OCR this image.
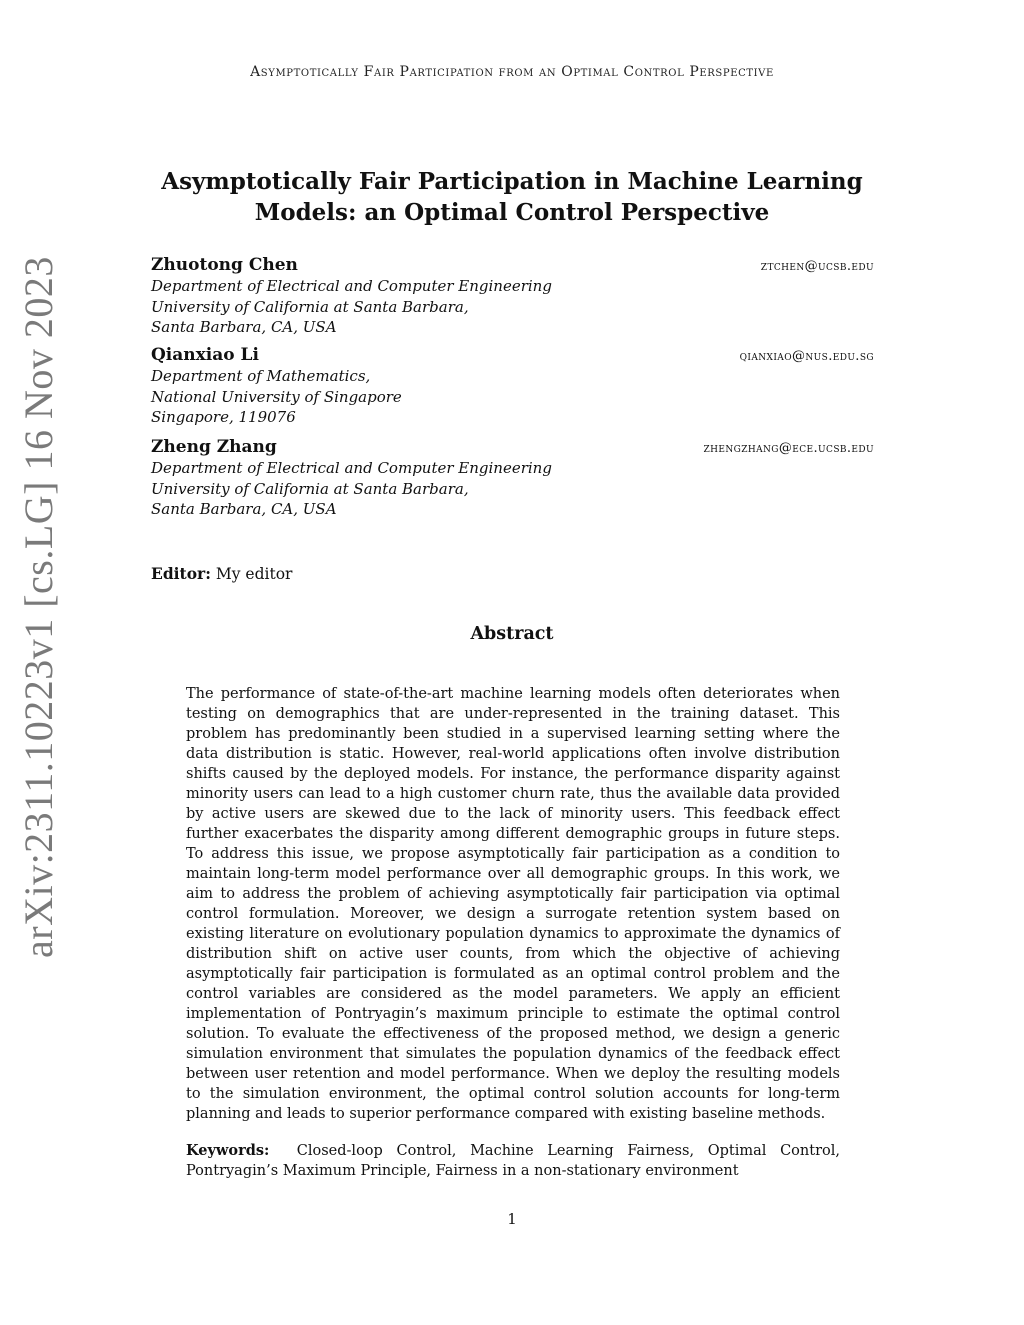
Asymptotically Fair Participation from an Optimal Control Perspective
arXiv:2311.10223v1 [cs.LG] 16 Nov 2023
Asymptotically Fair Participation in Machine Learning
Models: an Optimal Control Perspective
Zhuotong Chen	ztchen@ucsb.edu
Department of Electrical and Computer Engineering
University of California at Santa Barbara,
Santa Barbara, CA, USA
Qianxiao Li	qianxiao@nus.edu.sg
Department of Mathematics,
National University of Singapore
Singapore, 119076
Zheng Zhang	zhengzhang@ece.ucsb.edu
Department of Electrical and Computer Engineering
University of California at Santa Barbara,
Santa Barbara, CA, USA
Editor: My editor
Abstract

The performance of state-of-the-art machine learning models often deteriorates when testing on demographics that are under-represented in the training dataset. This problem has predominantly been studied in a supervised learning setting where the data distribution is static. However, real-world applications often involve distribution shifts caused by the deployed models. For instance, the performance disparity against minority users can lead to a high customer churn rate, thus the available data provided by active users are skewed due to the lack of minority users. This feedback effect further exacerbates the disparity among different demographic groups in future steps. To address this issue, we propose asymptotically fair participation as a condition to maintain long-term model performance over all demographic groups. In this work, we aim to address the problem of achieving asymptotically fair participation via optimal control formulation. Moreover, we design a surrogate retention system based on existing literature on evolutionary population dynamics to approximate the dynamics of distribution shift on active user counts, from which the objective of achieving asymptotically fair participation is formulated as an optimal control problem and the control variables are considered as the model parameters. We apply an efficient implementation of Pontryagin’s maximum principle to estimate the optimal control solution. To evaluate the effectiveness of the proposed method, we design a generic simulation environment that simulates the population dynamics of the feedback effect between user retention and model performance. When we deploy the resulting models to the simulation environment, the optimal control solution accounts for long-term planning and leads to superior performance compared with existing baseline methods.

Keywords: Closed-loop Control, Machine Learning Fairness, Optimal Control, Pontryagin’s Maximum Principle, Fairness in a non-stationary environment

1
